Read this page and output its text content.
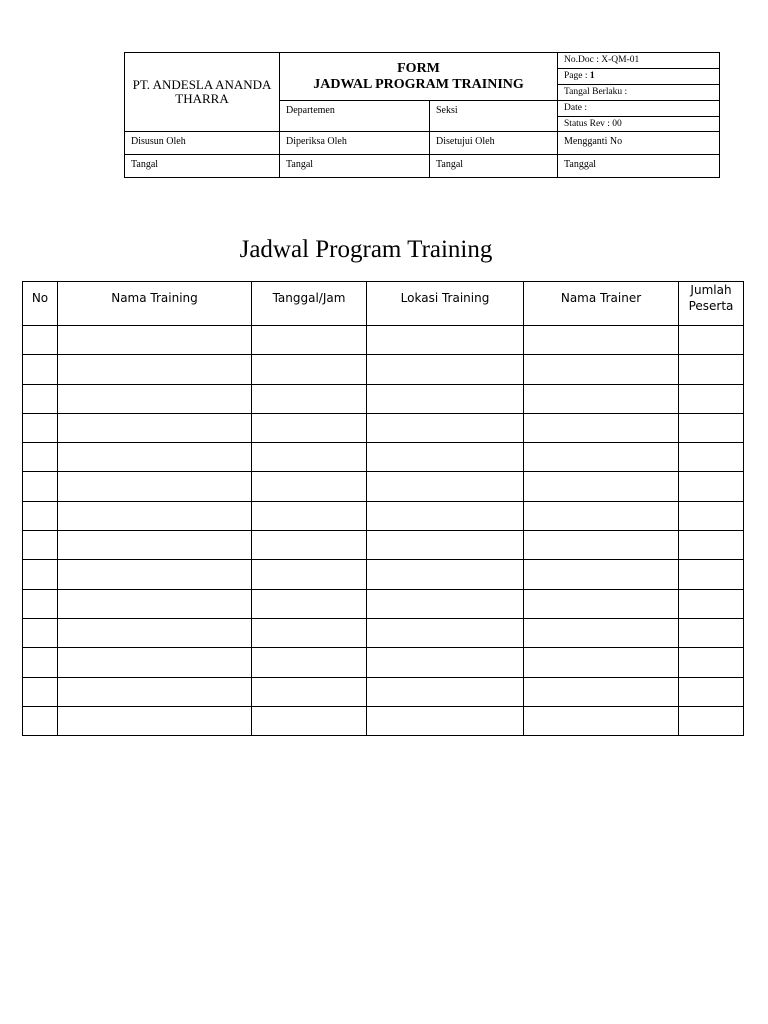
PT. ANDESLA ANANDA THARRA	FORM
JADWAL PROGRAM TRAINING		No.Doc : X-QM-01
			Page : 1
			Tangal Berlaku :
	Departemen	Seksi	Date :
			Status Rev : 00
Disusun Oleh	Diperiksa Oleh	Disetujui Oleh	Mengganti No
Tangal	Tangal	Tangal	Tanggal
Jadwal Program Training
No	Nama Training	Tanggal/Jam	Lokasi Training	Nama Trainer	Jumlah Peserta
